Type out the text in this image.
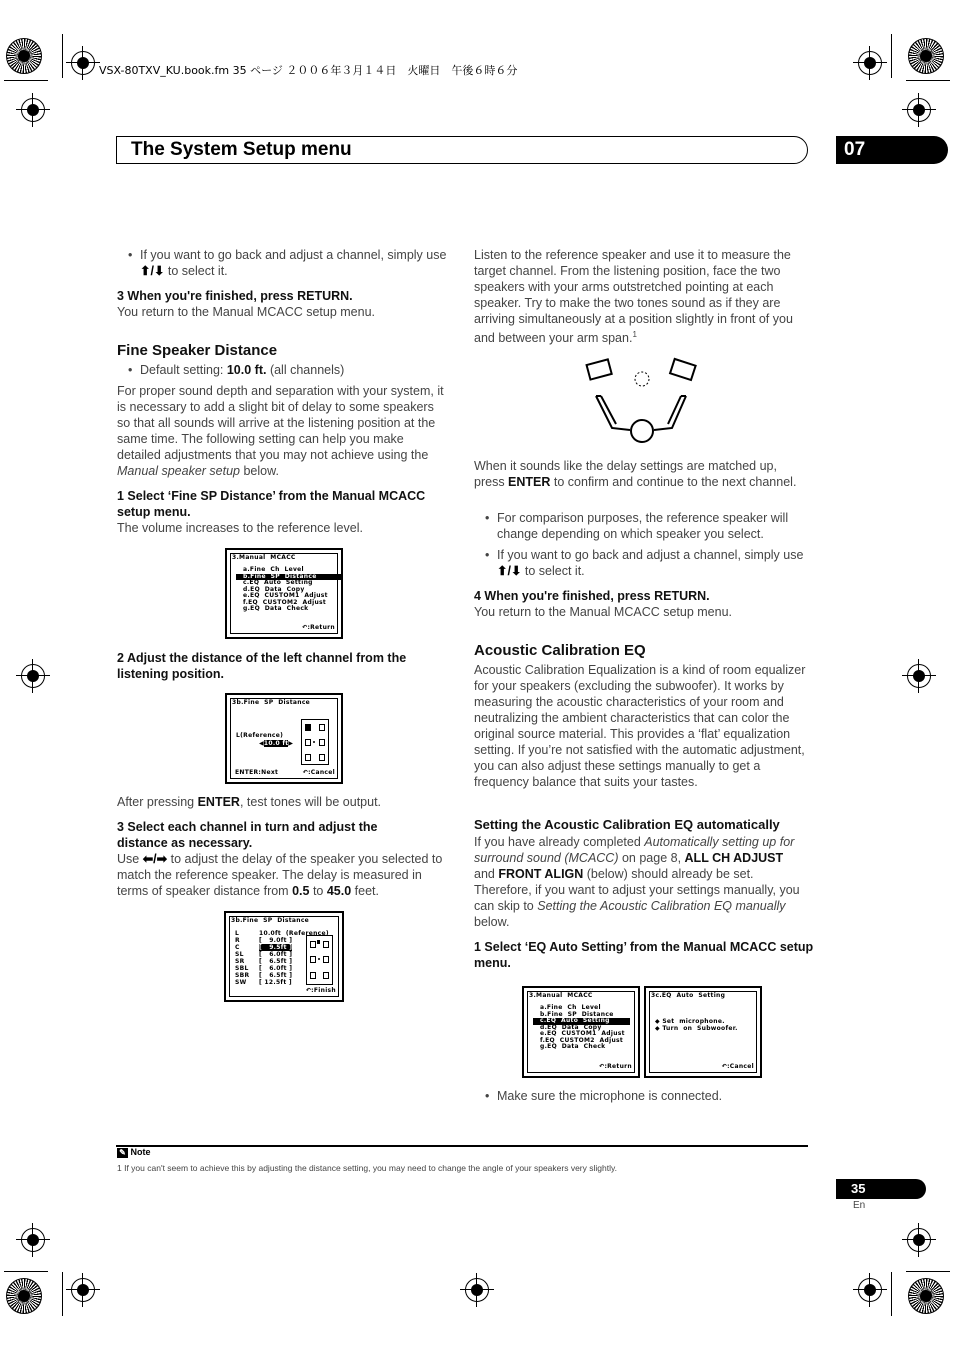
VSX-80TXV_KU.book.fm 35 ページ ２００６年３月１４日　火曜日　午後６時６分
The System Setup menu	07
• If you want to go back and adjust a channel, simply use ⬆/⬇ to select it.
3 When you're finished, press RETURN.
You return to the Manual MCACC setup menu.
Fine Speaker Distance
• Default setting: 10.0 ft. (all channels)
For proper sound depth and separation with your system, it is necessary to add a slight bit of delay to some speakers so that all sounds will arrive at the listening position at the same time. The following setting can help you make detailed adjustments that you may not achieve using the Manual speaker setup below.
1 Select ‘Fine SP Distance’ from the Manual MCACC setup menu.
The volume increases to the reference level.
3.Manual  MCACC
a.Fine  Ch  Level
b.Fine  SP  Distance
c.EQ  Auto  Setting
d.EQ  Data  Copy
e.EQ  CUSTOM1  Adjust
f.EQ  CUSTOM2  Adjust
g.EQ  Data  Check
↶:Return
2 Adjust the distance of the left channel from the listening position.
3b.Fine  SP  Distance
L(Reference)
◀10.0 ft▶
ENTER:Next	↶:Cancel
After pressing ENTER, test tones will be output.
3 Select each channel in turn and adjust the distance as necessary.
Use ⬅/➡ to adjust the delay of the speaker you selected to match the reference speaker. The delay is measured in terms of speaker distance from 0.5 to 45.0 feet.
3b.Fine  SP  Distance
L	10.0ft  (Reference)
R	[   9.0ft ]
C	[   9.5ft ]
SL	[   6.0ft ]
SR [   6.5ft ]
SBL [   6.0ft ]
SBR [   6.5ft ]
SW [ 12.5ft ]
↶:Finish
Listen to the reference speaker and use it to measure the target channel. From the listening position, face the two speakers with your arms outstretched pointing at each speaker. Try to make the two tones sound as if they are arriving simultaneously at a position slightly in front of you and between your arm span.$^1$
When it sounds like the delay settings are matched up, press ENTER to confirm and continue to the next channel.
• For comparison purposes, the reference speaker will change depending on which speaker you select.
• If you want to go back and adjust a channel, simply use ⬆/⬇ to select it.
4 When you're finished, press RETURN.
You return to the Manual MCACC setup menu.
Acoustic Calibration EQ
Acoustic Calibration Equalization is a kind of room equalizer for your speakers (excluding the subwoofer). It works by measuring the acoustic characteristics of your room and neutralizing the ambient characteristics that can color the original source material. This provides a ‘flat’ equalization setting. If you’re not satisfied with the automatic adjustment, you can also adjust these settings manually to get a frequency balance that suits your tastes.
Setting the Acoustic Calibration EQ automatically
If you have already completed Automatically setting up for surround sound (MCACC) on page 8, ALL CH ADJUST
and FRONT ALIGN (below) should already be set. Therefore, if you want to adjust your settings manually, you can skip to Setting the Acoustic Calibration EQ manually below.
1 Select ‘EQ Auto Setting’ from the Manual MCACC setup menu.
3.Manual  MCACC
a.Fine  Ch  Level
b.Fine  SP  Distance
c.EQ  Auto  Setting
d.EQ  Data  Copy
e.EQ  CUSTOM1  Adjust
f.EQ  CUSTOM2  Adjust
g.EQ  Data  Check
↶:Return
3c.EQ  Auto  Setting
◆ Set  microphone.
◆ Turn  on  Subwoofer.
↶:Cancel
• Make sure the microphone is connected.
✎ Note
1 If you can't seem to achieve this by adjusting the distance setting, you may need to change the angle of your speakers very slightly.
35
En
